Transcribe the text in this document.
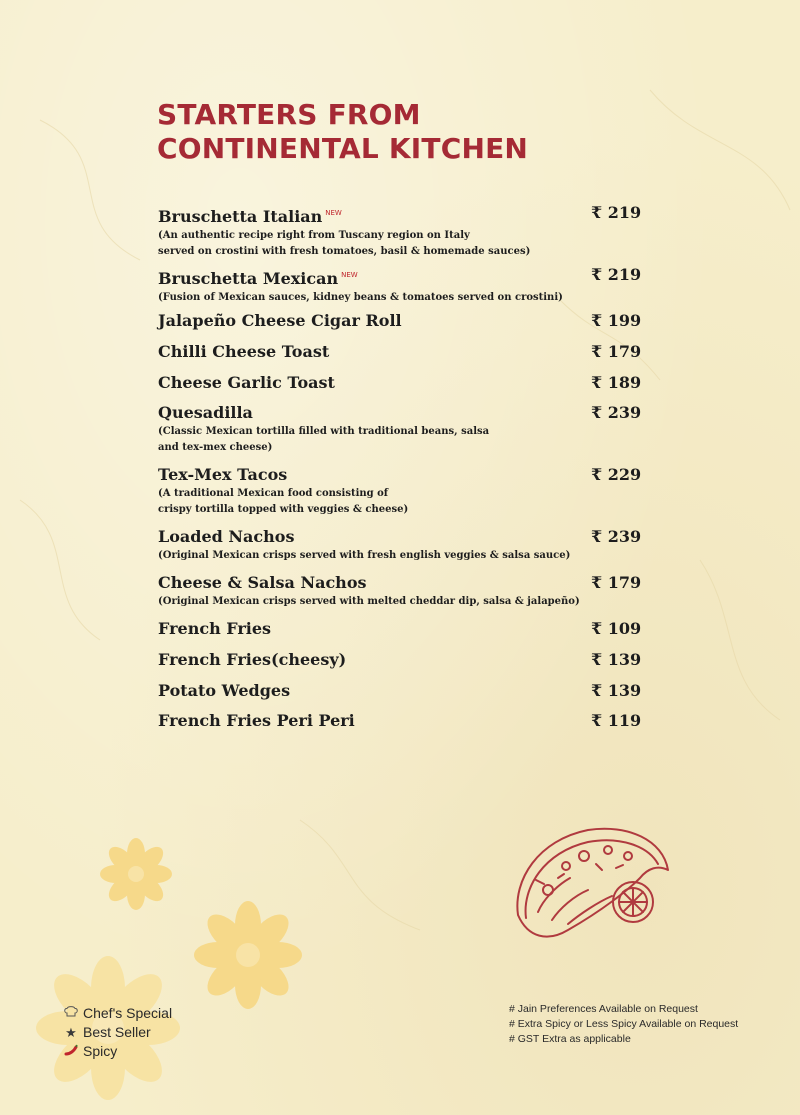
STARTERS FROM
CONTINENTAL KITCHEN
Bruschetta Italian $^{NEW}$	₹ 219
(An authentic recipe right from Tuscany region on Italy
served on crostini with fresh tomatoes, basil & homemade sauces)
Bruschetta Mexican $^{NEW}$	₹ 219
(Fusion of Mexican sauces, kidney beans & tomatoes served on crostini)
Jalapeño Cheese Cigar Roll	₹ 199
Chilli Cheese Toast	₹ 179
Cheese Garlic Toast	₹ 189
Quesadilla	₹ 239
(Classic Mexican tortilla filled with traditional beans, salsa
and tex-mex cheese)
Tex-Mex Tacos	₹ 229
(A traditional Mexican food consisting of
crispy tortilla topped with veggies & cheese)
Loaded Nachos	₹ 239
(Original Mexican crisps served with fresh english veggies & salsa sauce)
Cheese & Salsa Nachos	₹ 179
(Original Mexican crisps served with melted cheddar dip, salsa & jalapeño)
French Fries	₹ 109
French Fries(cheesy)	₹ 139
Potato Wedges	₹ 139
French Fries Peri Peri	₹ 119
Chef's Special
★ Best Seller
Spicy
# Jain Preferences Available on Request
# Extra Spicy or Less Spicy Available on Request
# GST Extra as applicable
